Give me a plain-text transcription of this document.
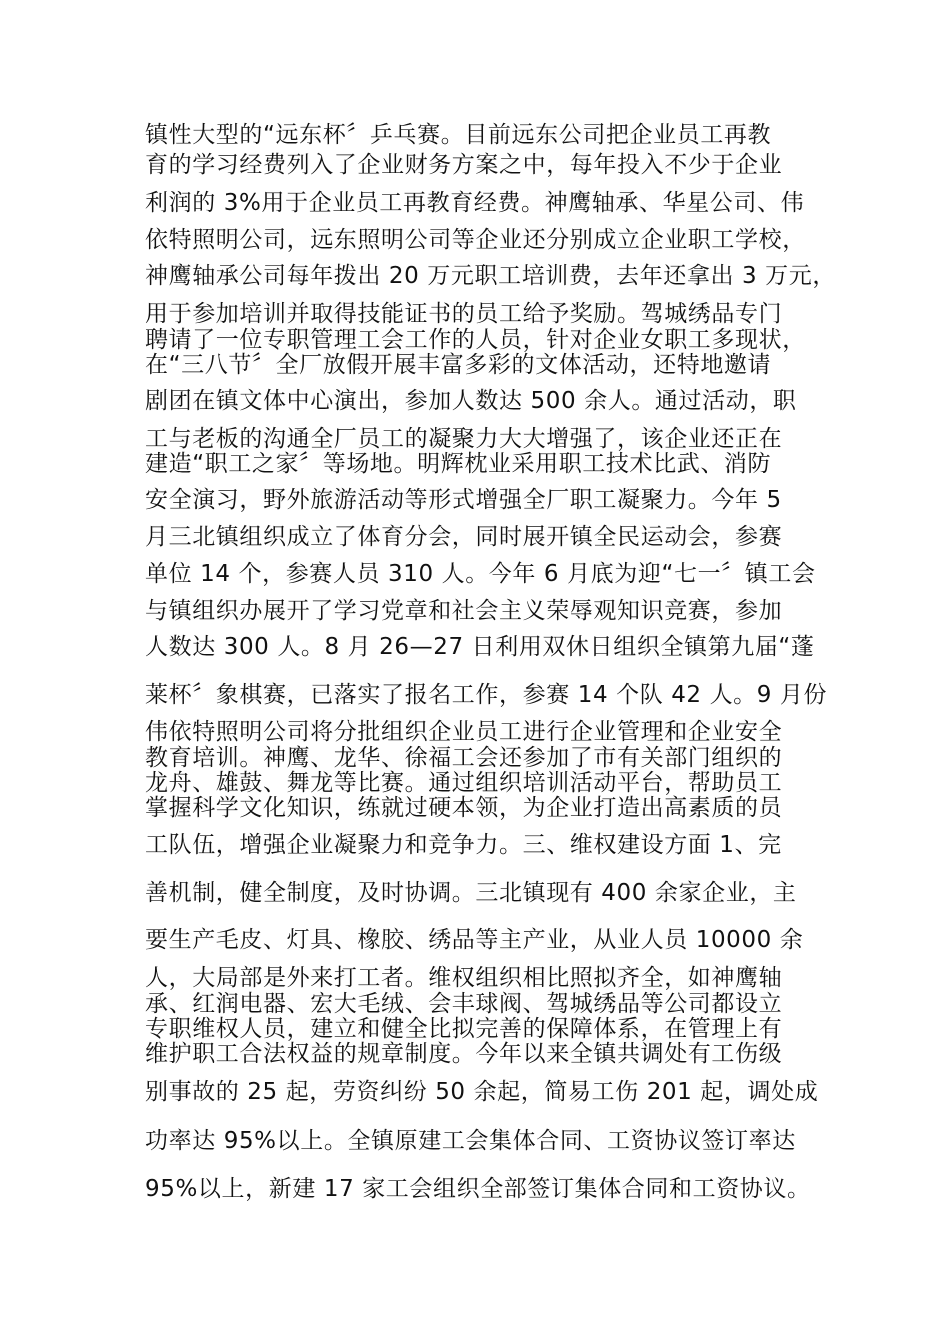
镇性大型的“远东杯〞乒乓赛。目前远东公司把企业员工再教
育的学习经费列入了企业财务方案之中，每年投入不少于企业
利润的 3%用于企业员工再教育经费。神鹰轴承、华星公司、伟
依特照明公司，远东照明公司等企业还分别成立企业职工学校，
神鹰轴承公司每年拨出 20 万元职工培训费，去年还拿出 3 万元，
用于参加培训并取得技能证书的员工给予奖励。驾城绣品专门
聘请了一位专职管理工会工作的人员，针对企业女职工多现状，
在“三八节〞全厂放假开展丰富多彩的文体活动，还特地邀请
剧团在镇文体中心演出，参加人数达 500 余人。通过活动，职
工与老板的沟通全厂员工的凝聚力大大增强了，该企业还正在
建造“职工之家〞等场地。明辉枕业采用职工技术比武、消防
安全演习，野外旅游活动等形式增强全厂职工凝聚力。今年 5
月三北镇组织成立了体育分会，同时展开镇全民运动会，参赛
单位 14 个，参赛人员 310 人。今年 6 月底为迎“七一〞镇工会
与镇组织办展开了学习党章和社会主义荣辱观知识竞赛，参加
人数达 300 人。8 月 26—27 日利用双休日组织全镇第九届“蓬
莱杯〞象棋赛，已落实了报名工作，参赛 14 个队 42 人。9 月份
伟依特照明公司将分批组织企业员工进行企业管理和企业安全
教育培训。神鹰、龙华、徐福工会还参加了市有关部门组织的
龙舟、雄鼓、舞龙等比赛。通过组织培训活动平台，帮助员工
掌握科学文化知识，练就过硬本领，为企业打造出高素质的员
工队伍，增强企业凝聚力和竞争力。三、维权建设方面 1、完
善机制，健全制度，及时协调。三北镇现有 400 余家企业，主
要生产毛皮、灯具、橡胶、绣品等主产业，从业人员 10000 余
人，大局部是外来打工者。维权组织相比照拟齐全，如神鹰轴
承、红润电器、宏大毛绒、会丰球阀、驾城绣品等公司都设立
专职维权人员，建立和健全比拟完善的保障体系，在管理上有
维护职工合法权益的规章制度。今年以来全镇共调处有工伤级
别事故的 25 起，劳资纠纷 50 余起，简易工伤 201 起，调处成
功率达 95%以上。全镇原建工会集体合同、工资协议签订率达
95%以上，新建 17 家工会组织全部签订集体合同和工资协议。
